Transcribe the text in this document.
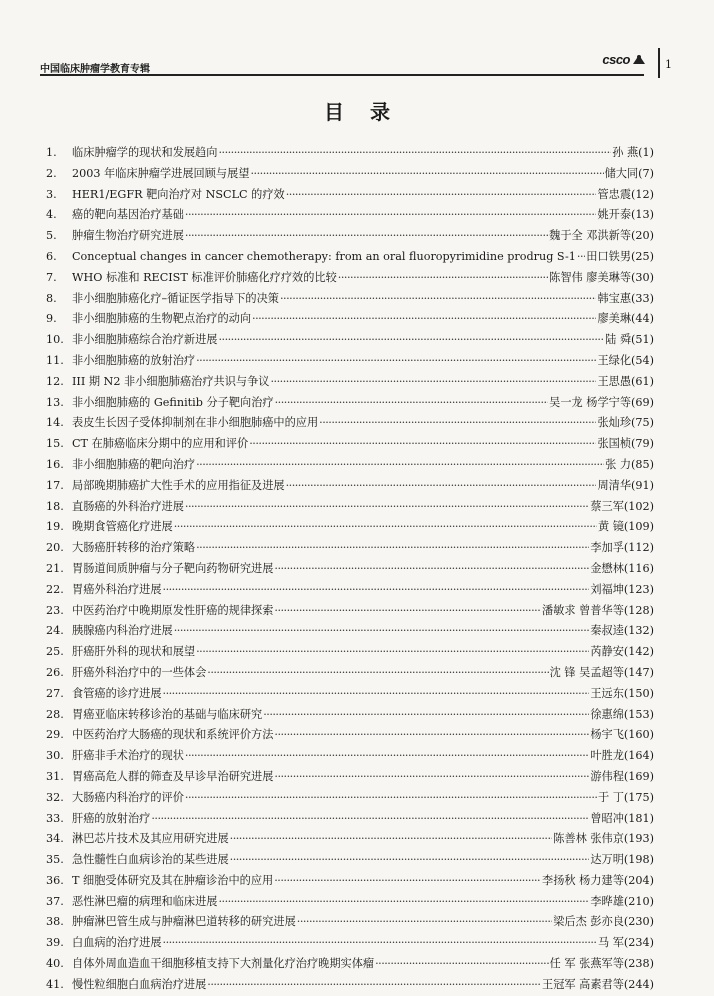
中国临床肿瘤学教育专辑
csco	1
目录
1.	临床肿瘤学的现状和发展趋向 ·····	孙 燕 (1)
2.	2003 年临床肿瘤学进展回顾与展望 ·····	储大同 (7)
3.	HER1/EGFR 靶向治疗对 NSCLC 的疗效 ·····	管忠震 (12)
4.	癌的靶向基因治疗基础 ·····	姚开泰 (13)
5.	肿瘤生物治疗研究进展 ·····	魏于全 邓洪新等 (20)
6.	Conceptual changes in cancer chemotherapy: from an oral fluoropyrimidine prodrug S-1 ····· 田口铁男 (25)
7.	WHO 标准和 RECIST 标准评价肺癌化疗疗效的比较 ·····	陈智伟 廖美琳等 (30)
8.	非小细胞肺癌化疗–循证医学指导下的决策 ·····	韩宝惠 (33)
9.	非小细胞肺癌的生物靶点治疗的动向 ·····	廖美琳 (44)
10. 非小细胞肺癌综合治疗新进展 ·····	陆 舜 (51)
11. 非小细胞肺癌的放射治疗 ·····	王绿化 (54)
12. III 期 N2 非小细胞肺癌治疗共识与争议 ·····	王思愚 (61)
13. 非小细胞肺癌的 Gefinitib 分子靶向治疗 ·····	吴一龙 杨学宁等 (69)
14. 表皮生长因子受体抑制剂在非小细胞肺癌中的应用 ·····	张灿珍 (75)
15. CT 在肺癌临床分期中的应用和评价 ·····	张国桢 (79)
16. 非小细胞肺癌的靶向治疗 ·····	张 力 (85)
17. 局部晚期肺癌扩大性手术的应用指征及进展 ·····	周清华 (91)
18. 直肠癌的外科治疗进展 ·····	蔡三军 (102)
19. 晚期食管癌化疗进展 ·····	黄 镜 (109)
20. 大肠癌肝转移的治疗策略 ·····	李加孚 (112)
21. 胃肠道间质肿瘤与分子靶向药物研究进展 ·····	金懋林 (116)
22. 胃癌外科治疗进展 ·····	刘福坤 (123)
23. 中医药治疗中晚期原发性肝癌的规律探索 ·····	潘敏求 曾普华等 (128)
24. 胰腺癌内科治疗进展 ·····	秦叔逵 (132)
25. 肝癌肝外科的现状和展望 ·····	芮静安 (142)
26. 肝癌外科治疗中的一些体会 ·····	沈 锋 吴孟超等 (147)
27. 食管癌的诊疗进展 ·····	王远东 (150)
28. 胃癌亚临床转移诊治的基础与临床研究 ·····	徐惠绵 (153)
29. 中医药治疗大肠癌的现状和系统评价方法 ·····	杨宇飞 (160)
30. 肝癌非手术治疗的现状 ·····	叶胜龙 (164)
31. 胃癌高危人群的筛查及早诊早治研究进展 ·····	游伟程 (169)
32. 大肠癌内科治疗的评价 ·····	于 丁 (175)
33. 肝癌的放射治疗 ·····	曾昭冲 (181)
34. 淋巴芯片技术及其应用研究进展 ·····	陈善林 张伟京 (193)
35. 急性髓性白血病诊治的某些进展 ·····	达万明 (198)
36. T 细胞受体研究及其在肿瘤诊治中的应用 ·····	李扬秋 杨力建等 (204)
37. 恶性淋巴瘤的病理和临床进展 ·····	李晔雄 (210)
38. 肿瘤淋巴管生成与肿瘤淋巴道转移的研究进展 ·····	梁后杰 彭亦良 (230)
39. 白血病的治疗进展 ·····	马 军 (234)
40. 自体外周血造血干细胞移植支持下大剂量化疗治疗晚期实体瘤 ·····	任 军 张燕军等 (238)
41. 慢性粒细胞白血病治疗进展 ·····	王冠军 高素君等 (244)
